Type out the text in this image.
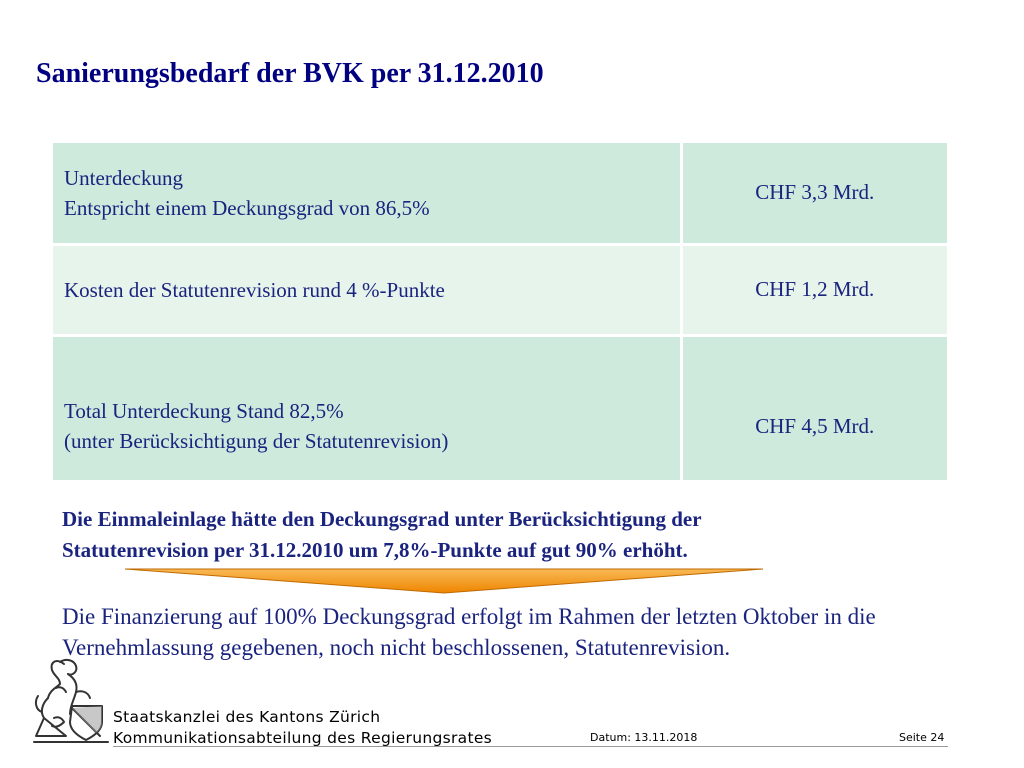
Sanierungsbedarf der BVK per 31.12.2010
Unterdeckung
Entspricht einem Deckungsgrad von 86,5%	CHF 3,3 Mrd.

Kosten der Statutenrevision rund 4 %-Punkte	CHF 1,2 Mrd.

Total Unterdeckung Stand 82,5%
(unter Berücksichtigung der Statutenrevision)	CHF 4,5 Mrd.
Die Einmaleinlage hätte den Deckungsgrad unter Berücksichtigung der
Statutenrevision per 31.12.2010 um 7,8%-Punkte auf gut 90% erhöht.
Die Finanzierung auf 100% Deckungsgrad erfolgt im Rahmen der letzten Oktober in die
Vernehmlassung gegebenen, noch nicht beschlossenen, Statutenrevision.
Staatskanzlei des Kantons Zürich
Kommunikationsabteilung des Regierungsrates	Datum: 13.11.2018	Seite 24
